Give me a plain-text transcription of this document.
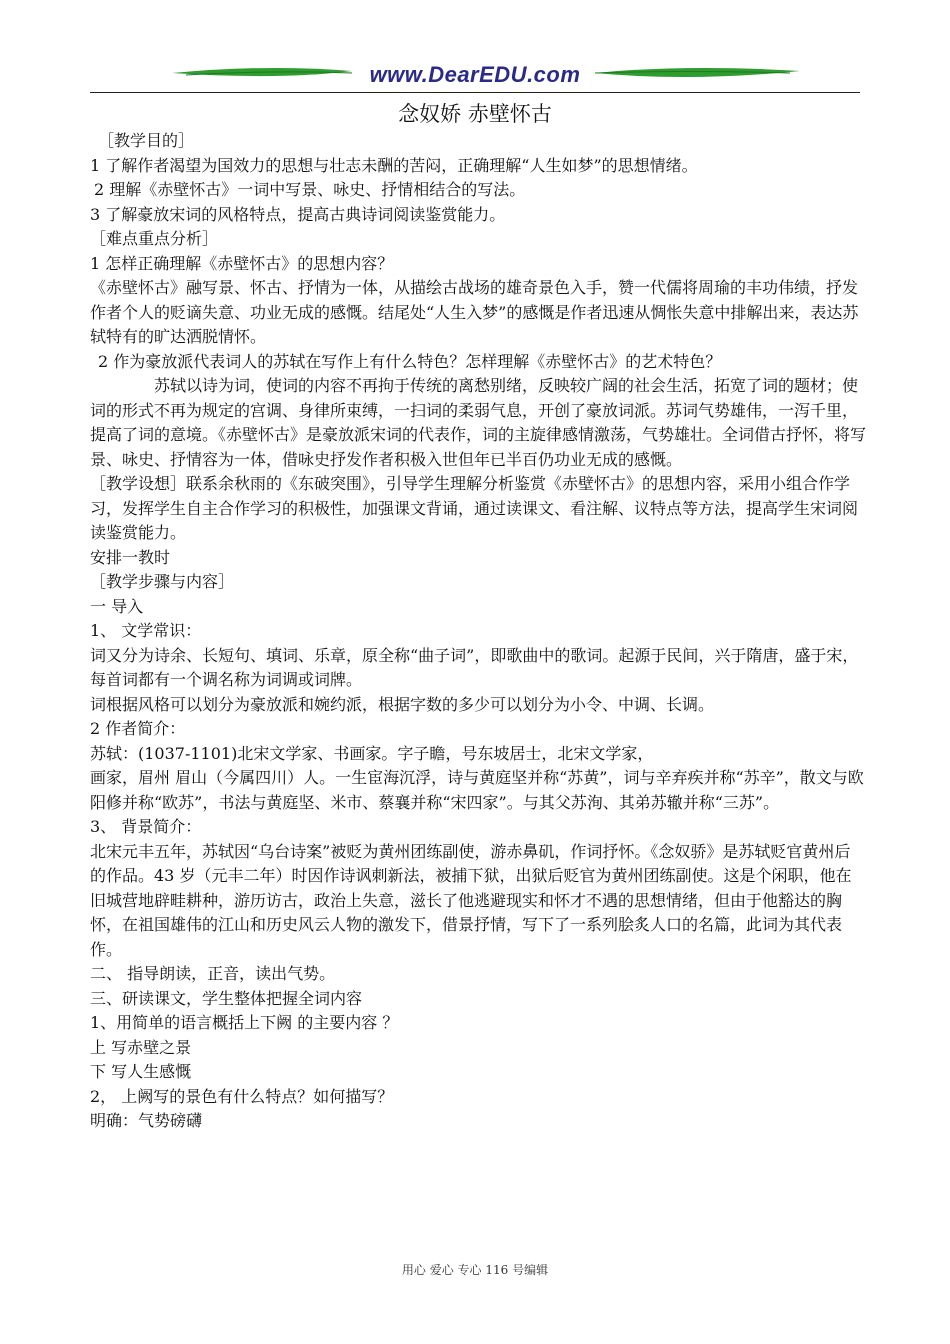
www.DearEDU.com
念奴娇 赤壁怀古

［教学目的］

1 了解作者渴望为国效力的思想与壮志未酬的苦闷，正确理解“人生如梦”的思想情绪。

2 理解《赤壁怀古》一词中写景、咏史、抒情相结合的写法。

3 了解豪放宋词的风格特点，提高古典诗词阅读鉴赏能力。

［难点重点分析］

1 怎样正确理解《赤壁怀古》的思想内容？

《赤壁怀古》融写景、怀古、抒情为一体，从描绘古战场的雄奇景色入手，赞一代儒将周瑜的丰功伟绩，抒发作者个人的贬谪失意、功业无成的感慨。结尾处“人生入梦”的感慨是作者迅速从惆怅失意中排解出来，表达苏轼特有的旷达洒脱情怀。

2 作为豪放派代表词人的苏轼在写作上有什么特色？怎样理解《赤壁怀古》的艺术特色？

苏轼以诗为词，使词的内容不再拘于传统的离愁别绪，反映较广阔的社会生活，拓宽了词的题材；使词的形式不再为规定的宫调、身律所束缚，一扫词的柔弱气息，开创了豪放词派。苏词气势雄伟，一泻千里，提高了词的意境。《赤壁怀古》是豪放派宋词的代表作，词的主旋律感情激荡，气势雄壮。全词借古抒怀，将写景、咏史、抒情容为一体，借咏史抒发作者积极入世但年已半百仍功业无成的感慨。

［教学设想］联系余秋雨的《东破突围》，引导学生理解分析鉴赏《赤壁怀古》的思想内容，采用小组合作学习，发挥学生自主合作学习的积极性，加强课文背诵，通过读课文、看注解、议特点等方法，提高学生宋词阅读鉴赏能力。

安排一教时

［教学步骤与内容］

一 导入

1、 文学常识：

词又分为诗余、长短句、填词、乐章，原全称“曲子词”，即歌曲中的歌词。起源于民间，兴于隋唐，盛于宋，每首词都有一个调名称为词调或词牌。

词根据风格可以划分为豪放派和婉约派，根据字数的多少可以划分为小令、中调、长调。

2 作者简介：

苏轼：(1037-1101)北宋文学家、书画家。字子瞻，号东坡居士，北宋文学家，

画家，眉州 眉山（今属四川）人。一生宦海沉浮，诗与黄庭坚并称“苏黄”，词与辛弃疾并称“苏辛”，散文与欧阳修并称“欧苏”，书法与黄庭坚、米市、蔡襄并称“宋四家”。与其父苏洵、其弟苏辙并称“三苏”。

3、 背景简介：

北宋元丰五年，苏轼因“乌台诗案”被贬为黄州团练副使，游赤鼻矶，作词抒怀。《念奴骄》是苏轼贬官黄州后的作品。43 岁（元丰二年）时因作诗讽刺新法，被捕下狱，出狱后贬官为黄州团练副使。这是个闲职，他在旧城营地辟畦耕种，游历访古，政治上失意，滋长了他逃避现实和怀才不遇的思想情绪，但由于他豁达的胸怀，在祖国雄伟的江山和历史风云人物的激发下，借景抒情，写下了一系列脍炙人口的名篇，此词为其代表作。

二、 指导朗读，正音，读出气势。

三、研读课文，学生整体把握全词内容

1、用简单的语言概括上下阙 的主要内容 ？

上 写赤壁之景

下 写人生感慨

2， 上阙写的景色有什么特点？如何描写？

明确：气势磅礴

用心 爱心 专心 116 号编辑
